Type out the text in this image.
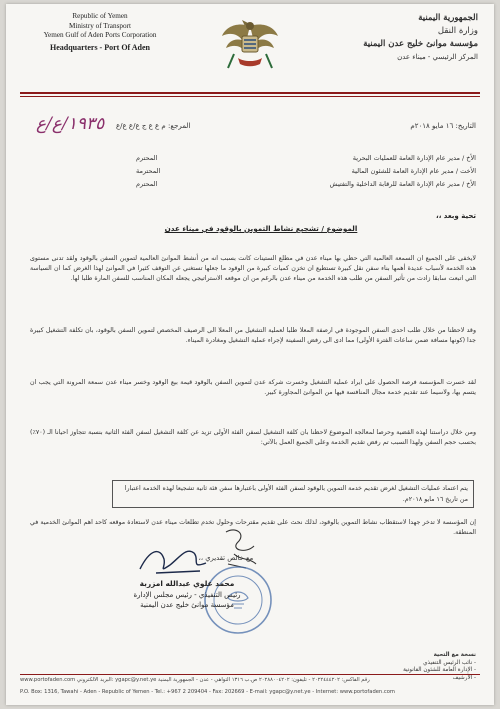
Republic of Yemen
Ministry of Transport
Yemen Gulf of Aden Ports Corporation
Headquarters - Port Of Aden
الجمهورية اليمنية
وزارة النقل
مؤسسة موانئ خليج عدن اليمنية
المركز الرئيسي - ميناء عدن
١٩٣٥/ع/ع المرجع: م ع ع ج ع/ع ع/ع	التاريخ: ١٦ مايو ٢٠١٨م
الأخ / مدير عام الإدارة العامة للعمليات البحرية
المحترم
الأخت / مدير عام الإدارة العامة للشئون المالية
المحترمة
الأخ / مدير عام الإدارة العامة للرقابة الداخلية والتفتيش
المحترم
تحية وبعد ،،
الموضوع / تشجيع نشاط التموين بالوقود في ميناء عدن
لايخفى على الجميع ان السمعة العالمية التي حظي بها ميناء عدن في مطلع الستينات كانت بسبب انه من أنشط الموانئ العالمية لتموين السفن بالوقود ولقد تدنى مستوى هذه الخدمة لأسباب عديدة أهمها بناء سفن نقل كبيرة تستطيع ان تخزن كميات كبيرة من الوقود ما جعلها تستغني عن التوقف كثيرا في الموانئ لهذا الغرض كما ان السياسة التي اتبعت سابقا زادت من تأثير السفن من طلب هذه الخدمة من ميناء عدن بالرغم من ان موقعه الاستراتيجي يجعله المكان المناسب للسفن المارة طلبا لها.
وقد لاحظنا من خلال طلب احدى السفن الموجودة في ارصفة المعلا طلبا لعملية التشغيل من المعلا الى الرصيف المخصص لتموين السفن بالوقود، بان تكلفة التشغيل كبيرة جدا (كونها مسافة ضمن ساعات الفترة الأولى) مما ادى الى رفض السفينة لإجراء عملية التشغيل ومغادرة الميناء.
لقد خسرت المؤسسة فرصة الحصول على ايراد عملية التشغيل وخسرت شركة عدن لتموين السفن بالوقود قيمة بيع الوقود وخسر ميناء عدن سمعة المرونة التي يجب ان يتسم بها، ولاسيما عند تقديم خدمة مجال المنافسة فيها من الموانئ المجاورة كبير.
ومن خلال دراستنا لهذه القضية وحرصا لمعالجة الموضوع لاحظنا بان كلفة التشغيل لسفن الفئة الأولى تزيد عن كلفة التشغيل لسفن الفئة الثانية بنسبة تتجاوز احيانا الـ (٧٠٪) بحسب حجم السفن ولهذا السبب تم رفض تقديم الخدمة وعلى الجميع العمل بالآتي:
يتم اعتماد عمليات التشغيل لغرض تقديم خدمة التموين بالوقود لسفن الفئة الأولى باعتبارها سفن فئة ثانية تشجيعا لهذه الخدمة اعتبارا من تاريخ ١٦ مايو ٢٠١٨م.
إن المؤسسة لا تدخر جهدا لاستقطاب نشاط التموين بالوقود، لذلك نحث على تقديم مقترحات وحلول تخدم تطلعات ميناء عدن لاستعادة موقعه كاحد اهم الموانئ الخدمية في المنطقة.
مع خالص تقديري ،،
محمد علوي عبدالله امزربة
رئيس التنفيذي - رئيس مجلس الإدارة
مؤسسة موانئ خليج عدن اليمنية
نسخة مع التحية
- نائب الرئيس التنفيذي
- الإدارة العامة للشئون القانونية
- الأرشيف
www.portofaden.com البريد الالكتروني: ygapc@y.net.ye رقم الفاكس: ٢٠٢٢٤٤٤٢٠٢ - تليفون: ٢٠٢٨٨٠٠٤٢٠٢ ص.ب ١٣١٦ التواهي - عدن - الجمهورية اليمنية
P.O. Box: 1316, Tawahi - Aden - Republic of Yemen - Tel.: +967 2 209404 - Fax: 202669 - E-mail: ygapc@y.net.ye - Internet: www.portofaden.com
